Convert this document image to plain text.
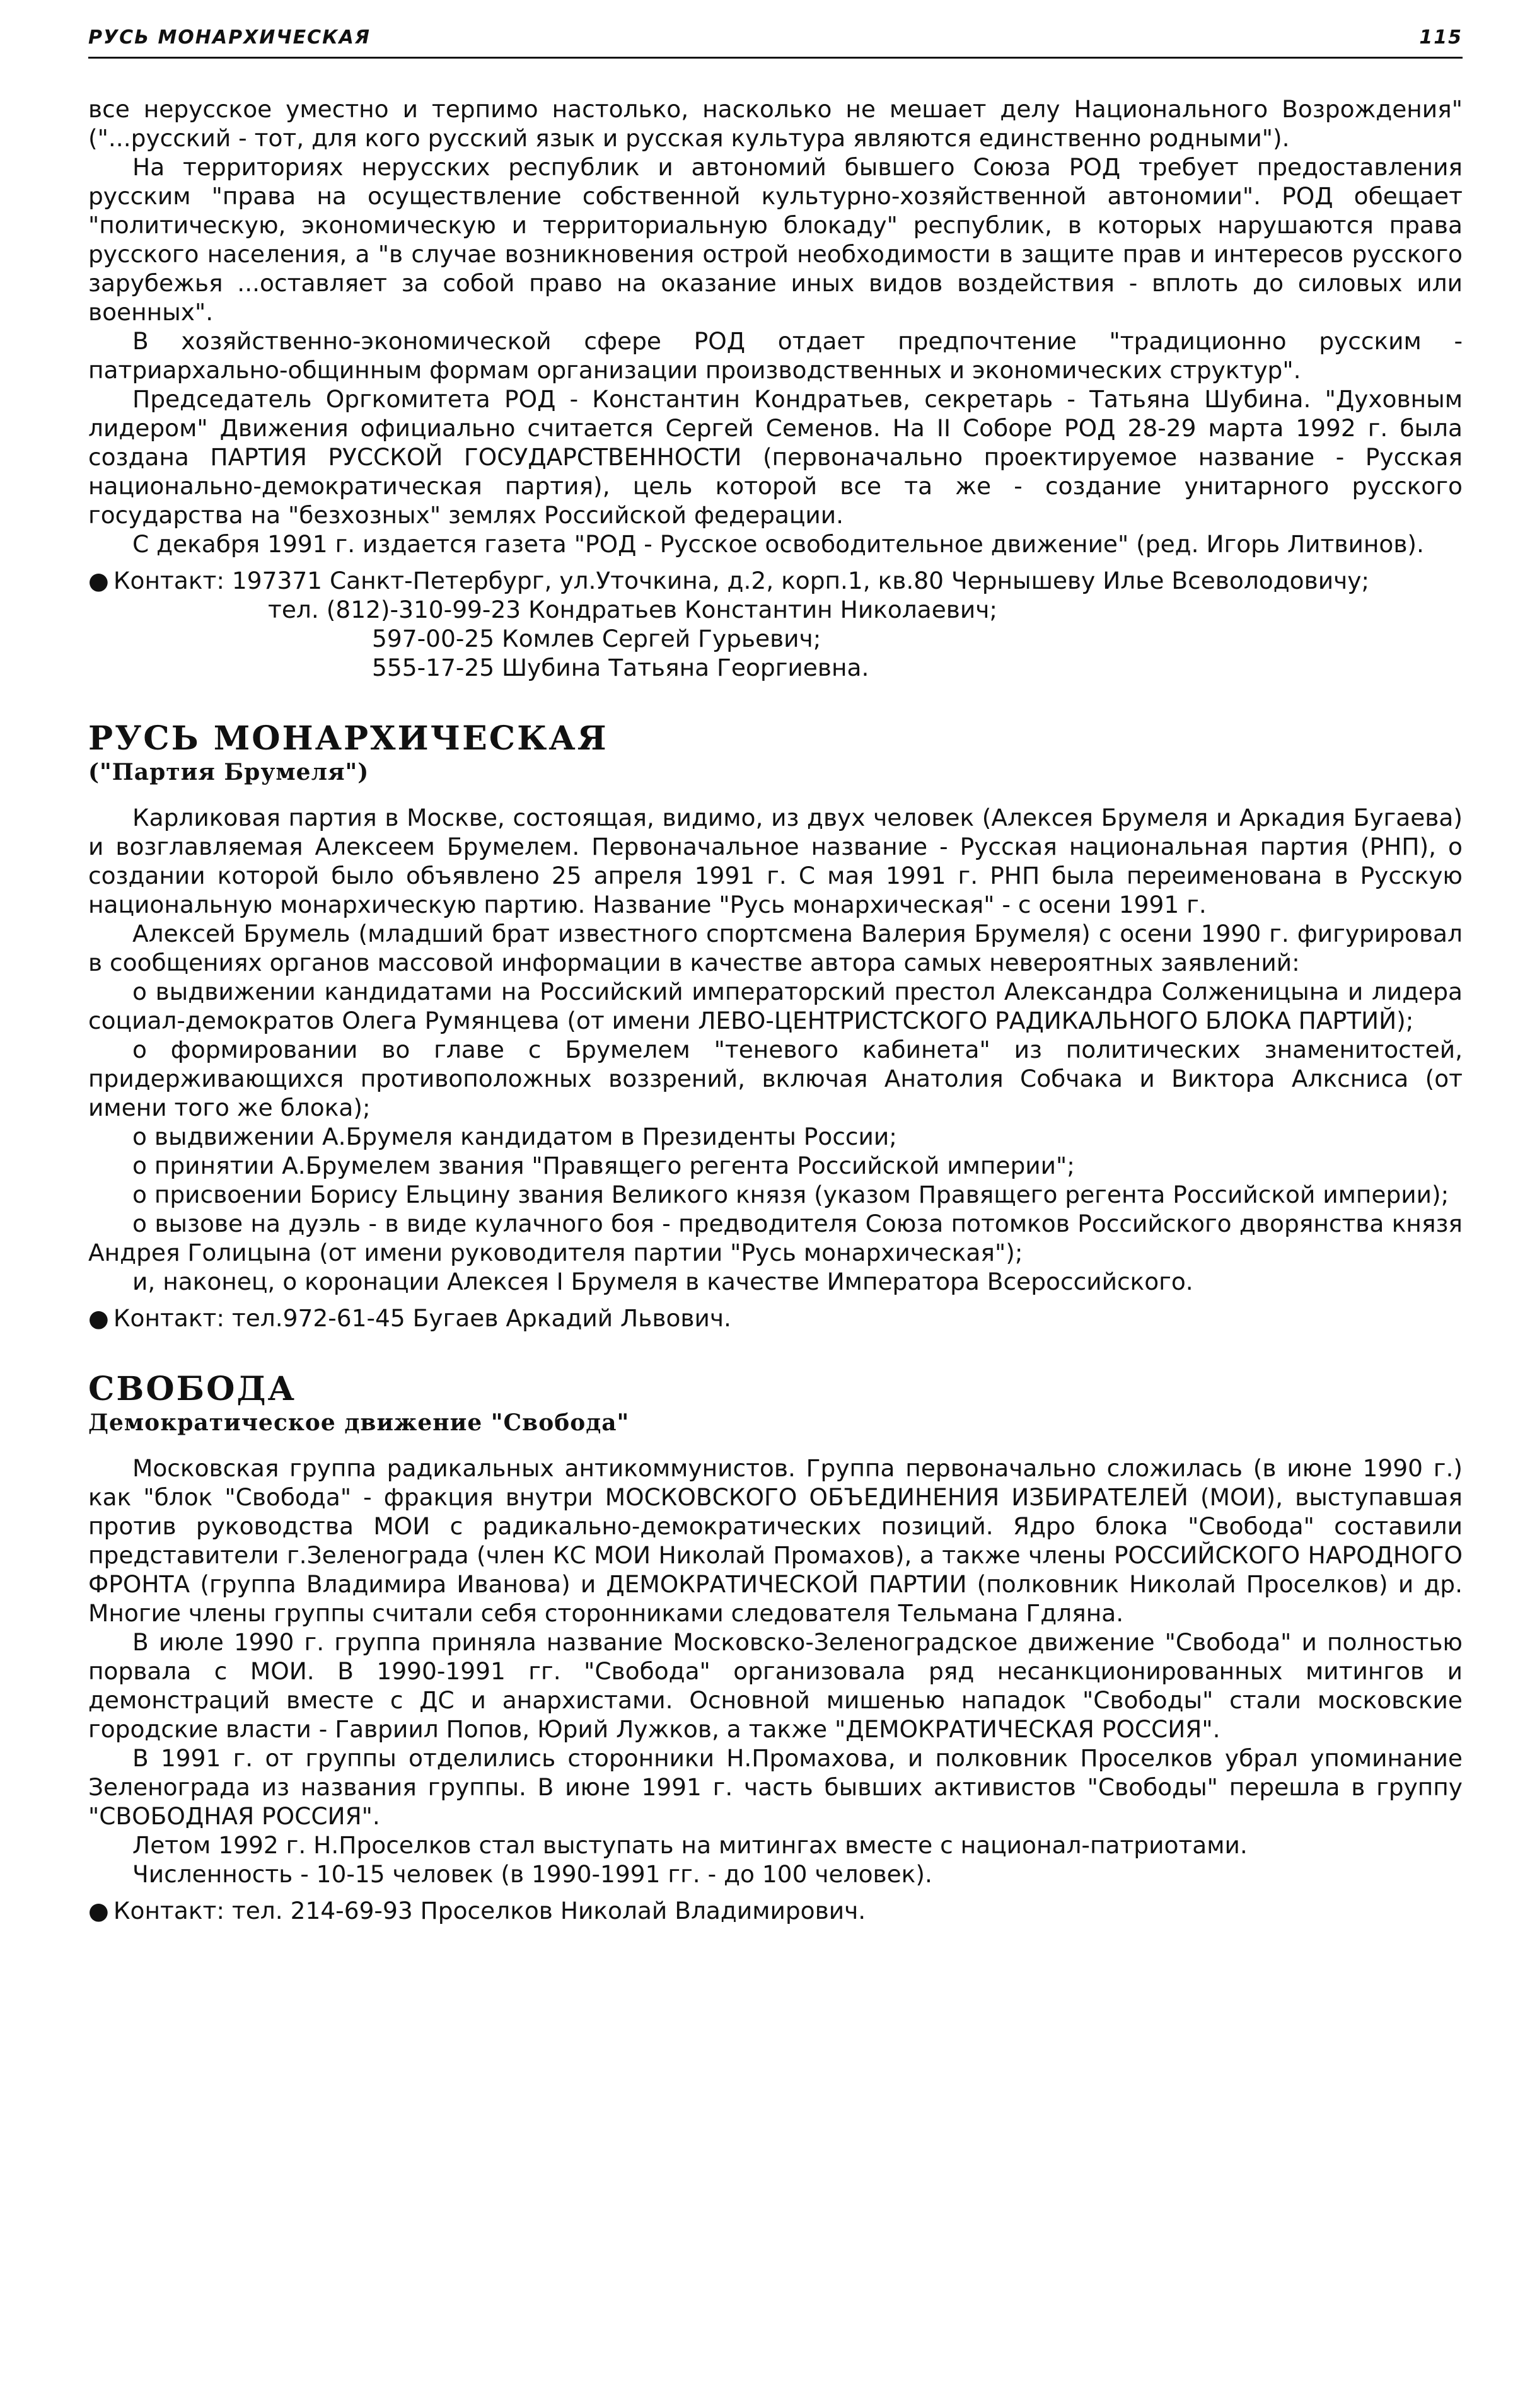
РУСЬ МОНАРХИЧЕСКАЯ	115

все нерусское уместно и терпимо настолько, насколько не мешает делу Национального Возрождения" ("...русский - тот, для кого русский язык и русская культура являются единственно родными").

На территориях нерусских республик и автономий бывшего Союза РОД требует предоставления русским "права на осуществление собственной культурно-хозяйственной автономии". РОД обещает "политическую, экономическую и территориальную блокаду" республик, в которых нарушаются права русского населения, а "в случае возникновения острой необходимости в защите прав и интересов русского зарубежья ...оставляет за собой право на оказание иных видов воздействия - вплоть до силовых или военных".

В хозяйственно-экономической сфере РОД отдает предпочтение "традиционно русским - патриархально-общинным формам организации производственных и экономических структур".

Председатель Оргкомитета РОД - Константин Кондратьев, секретарь - Татьяна Шубина. "Духовным лидером" Движения официально считается Сергей Семенов. На II Соборе РОД 28-29 марта 1992 г. была создана ПАРТИЯ РУССКОЙ ГОСУДАРСТВЕННОСТИ (первоначально проектируемое название - Русская национально-демократическая партия), цель которой все та же - создание унитарного русского государства на "безхозных" землях Российской федерации.

С декабря 1991 г. издается газета "РОД - Русское освободительное движение" (ред. Игорь Литвинов).

● Контакт: 197371 Санкт-Петербург, ул.Уточкина, д.2, корп.1, кв.80 Чернышеву Илье Всеволодовичу;
тел. (812)-310-99-23 Кондратьев Константин Николаевич;
597-00-25 Комлев Сергей Гурьевич;
555-17-25 Шубина Татьяна Георгиевна.
РУСЬ МОНАРХИЧЕСКАЯ
("Партия Брумеля")

Карликовая партия в Москве, состоящая, видимо, из двух человек (Алексея Брумеля и Аркадия Бугаева) и возглавляемая Алексеем Брумелем. Первоначальное название - Русская национальная партия (РНП), о создании которой было объявлено 25 апреля 1991 г. С мая 1991 г. РНП была переименована в Русскую национальную монархическую партию. Название "Русь монархическая" - с осени 1991 г.

Алексей Брумель (младший брат известного спортсмена Валерия Брумеля) с осени 1990 г. фигурировал в сообщениях органов массовой информации в качестве автора самых невероятных заявлений:

о выдвижении кандидатами на Российский императорский престол Александра Солженицына и лидера социал-демократов Олега Румянцева (от имени ЛЕВО-ЦЕНТРИСТСКОГО РАДИКАЛЬНОГО БЛОКА ПАРТИЙ);

о формировании во главе с Брумелем "теневого кабинета" из политических знаменитостей, придерживающихся противоположных воззрений, включая Анатолия Собчака и Виктора Алксниса (от имени того же блока);

о выдвижении А.Брумеля кандидатом в Президенты России;

о принятии А.Брумелем звания "Правящего регента Российской империи";

о присвоении Борису Ельцину звания Великого князя (указом Правящего регента Российской империи);

о вызове на дуэль - в виде кулачного боя - предводителя Союза потомков Российского дворянства князя Андрея Голицына (от имени руководителя партии "Русь монархическая");

и, наконец, о коронации Алексея I Брумеля в качестве Императора Всероссийского.

● Контакт: тел.972-61-45 Бугаев Аркадий Львович.
СВОБОДА
Демократическое движение "Свобода"

Московская группа радикальных антикоммунистов. Группа первоначально сложилась (в июне 1990 г.) как "блок "Свобода" - фракция внутри МОСКОВСКОГО ОБЪЕДИНЕНИЯ ИЗБИРАТЕЛЕЙ (МОИ), выступавшая против руководства МОИ с радикально-демократических позиций. Ядро блока "Свобода" составили представители г.Зеленограда (член КС МОИ Николай Промахов), а также члены РОССИЙСКОГО НАРОДНОГО ФРОНТА (группа Владимира Иванова) и ДЕМОКРАТИЧЕСКОЙ ПАРТИИ (полковник Николай Проселков) и др. Многие члены группы считали себя сторонниками следователя Тельмана Гдляна.

В июле 1990 г. группа приняла название Московско-Зеленоградское движение "Свобода" и полностью порвала с МОИ. В 1990-1991 гг. "Свобода" организовала ряд несанкционированных митингов и демонстраций вместе с ДС и анархистами. Основной мишенью нападок "Свободы" стали московские городские власти - Гавриил Попов, Юрий Лужков, а также "ДЕМОКРАТИЧЕСКАЯ РОССИЯ".

В 1991 г. от группы отделились сторонники Н.Промахова, и полковник Проселков убрал упоминание Зеленограда из названия группы. В июне 1991 г. часть бывших активистов "Свободы" перешла в группу "СВОБОДНАЯ РОССИЯ".

Летом 1992 г. Н.Проселков стал выступать на митингах вместе с национал-патриотами.

Численность - 10-15 человек (в 1990-1991 гг. - до 100 человек).

● Контакт: тел. 214-69-93 Проселков Николай Владимирович.
